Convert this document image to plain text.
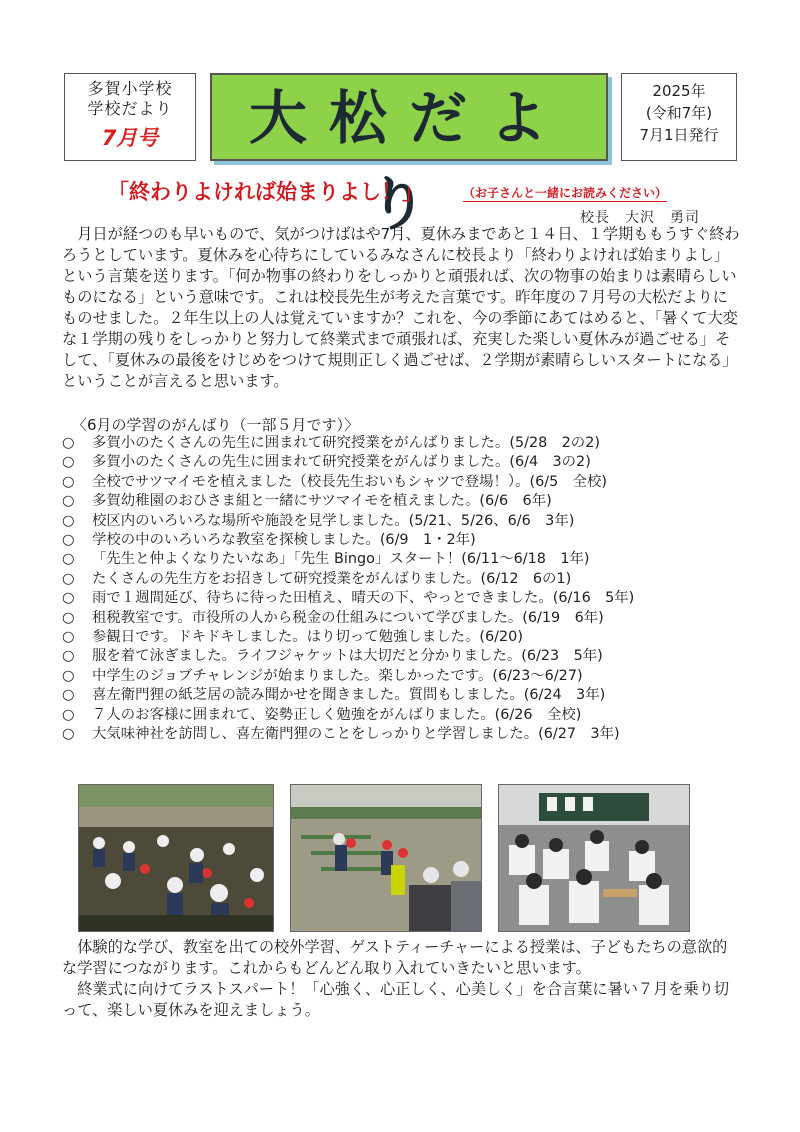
多賀小学校
学校だより
7月号	大松だより
2025年
(令和7年)
7月1日発行
「終わりよければ始まりよし！」	（お子さんと一緒にお読みください）
校長　大沢　勇司
月日が経つのも早いもので、気がつけばはや7月、夏休みまであと１４日、１学期ももうすぐ終わろうとしています。夏休みを心待ちにしているみなさんに校長より「終わりよければ始まりよし」という言葉を送ります。「何か物事の終わりをしっかりと頑張れば、次の物事の始まりは素晴らしいものになる」という意味です。これは校長先生が考えた言葉です。昨年度の７月号の大松だよりにものせました。２年生以上の人は覚えていますか？これを、今の季節にあてはめると、「暑くて大変な１学期の残りをしっかりと努力して終業式まで頑張れば、充実した楽しい夏休みが過ごせる」そして、「夏休みの最後をけじめをつけて規則正しく過ごせば、２学期が素晴らしいスタートになる」ということが言えると思います。
〈6月の学習のがんばり（一部５月です）〉
○ 多賀小のたくさんの先生に囲まれて研究授業をがんばりました。(5/28　2の2)
○ 多賀小のたくさんの先生に囲まれて研究授業をがんばりました。(6/4　3の2)
○ 全校でサツマイモを植えました（校長先生おいもシャツで登場！）。(6/5　全校)
○ 多賀幼稚園のおひさま組と一緒にサツマイモを植えました。(6/6　6年)
○ 校区内のいろいろな場所や施設を見学しました。(5/21、5/26、6/6　3年)
○ 学校の中のいろいろな教室を探検しました。(6/9　1・2年)
○ 「先生と仲よくなりたいなあ」「先生 Bingo」スタート！(6/11～6/18　1年)
○ たくさんの先生方をお招きして研究授業をがんばりました。(6/12　6の1)
○ 雨で１週間延び、待ちに待った田植え、晴天の下、やっとできました。(6/16　5年)
○ 租税教室です。市役所の人から税金の仕組みについて学びました。(6/19　6年)
○ 参観日です。ドキドキしました。はり切って勉強しました。(6/20)
○ 服を着て泳ぎました。ライフジャケットは大切だと分かりました。(6/23　5年)
○ 中学生のジョブチャレンジが始まりました。楽しかったです。(6/23～6/27)
○ 喜左衛門狸の紙芝居の読み聞かせを聞きました。質問もしました。(6/24　3年)
○ ７人のお客様に囲まれて、姿勢正しく勉強をがんばりました。(6/26　全校)
○ 大気味神社を訪問し、喜左衛門狸のことをしっかりと学習しました。(6/27　3年)
体験的な学び、教室を出ての校外学習、ゲストティーチャーによる授業は、子どもたちの意欲的な学習につながります。これからもどんどん取り入れていきたいと思います。
終業式に向けてラストスパート！「心強く、心正しく、心美しく」を合言葉に暑い７月を乗り切って、楽しい夏休みを迎えましょう。
